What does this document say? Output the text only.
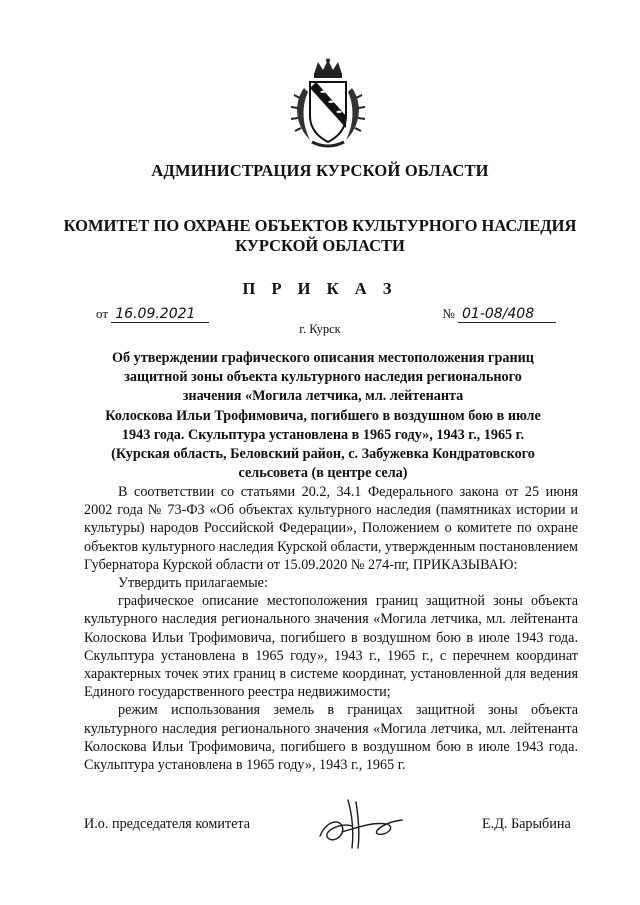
АДМИНИСТРАЦИЯ КУРСКОЙ ОБЛАСТИ
КОМИТЕТ ПО ОХРАНЕ ОБЪЕКТОВ КУЛЬТУРНОГО НАСЛЕДИЯ
КУРСКОЙ ОБЛАСТИ
П Р И К А З
от 16.09.2021	№ 01-08/408
г. Курск
Об утверждении графического описания местоположения границ
защитной зоны объекта культурного наследия регионального
значения «Могила летчика, мл. лейтенанта
Колоскова Ильи Трофимовича, погибшего в воздушном бою в июле
1943 года. Скульптура установлена в 1965 году», 1943 г., 1965 г.
(Курская область, Беловский район, с. Забужевка Кондратовского
сельсовета (в центре села)

В соответствии со статьями 20.2, 34.1 Федерального закона от 25 июня 2002 года № 73-ФЗ «Об объектах культурного наследия (памятниках истории и культуры) народов Российской Федерации», Положением о комитете по охране объектов культурного наследия Курской области, утвержденным постановлением Губернатора Курской области от 15.09.2020 № 274-пг, ПРИКАЗЫВАЮ:

Утвердить прилагаемые:

графическое описание местоположения границ защитной зоны объекта культурного наследия регионального значения «Могила летчика, мл. лейтенанта Колоскова Ильи Трофимовича, погибшего в воздушном бою в июле 1943 года. Скульптура установлена в 1965 году», 1943 г., 1965 г., с перечнем координат характерных точек этих границ в системе координат, установленной для ведения Единого государственного реестра недвижимости;

режим использования земель в границах защитной зоны объекта культурного наследия регионального значения «Могила летчика, мл. лейтенанта Колоскова Ильи Трофимовича, погибшего в воздушном бою в июле 1943 года. Скульптура установлена в 1965 году», 1943 г., 1965 г.

И.о. председателя комитета	Е.Д. Барыбина
